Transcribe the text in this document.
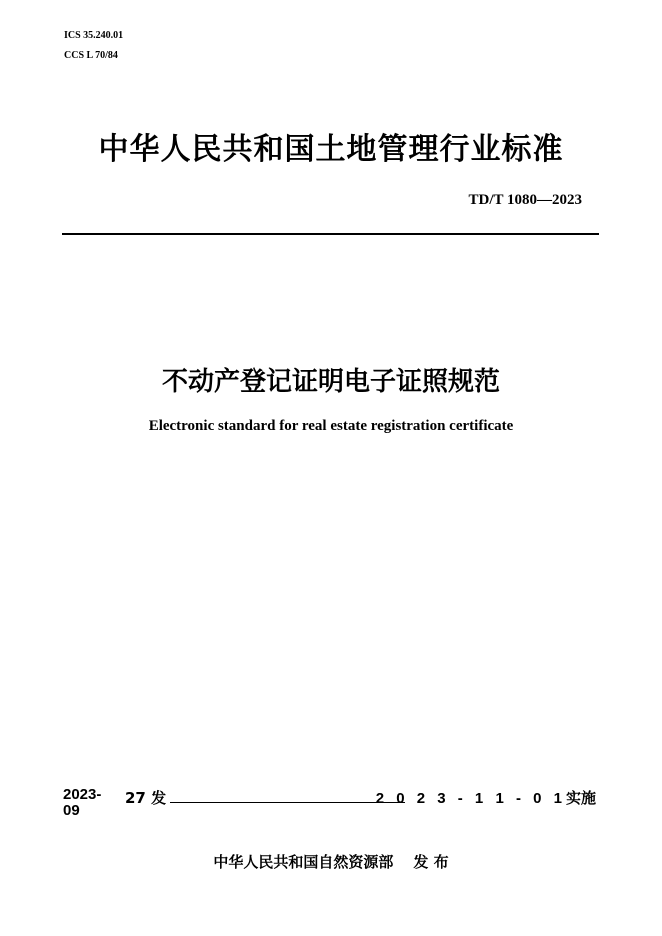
ICS 35.240.01
CCS L 70/84
中华人民共和国土地管理行业标准
TD/T 1080—2023
不动产登记证明电子证照规范
Electronic standard for real estate registration certificate
2023-0927 发	2 0 2 3 - 1 1 - 0 1实施
中华人民共和国自然资源部 发 布
